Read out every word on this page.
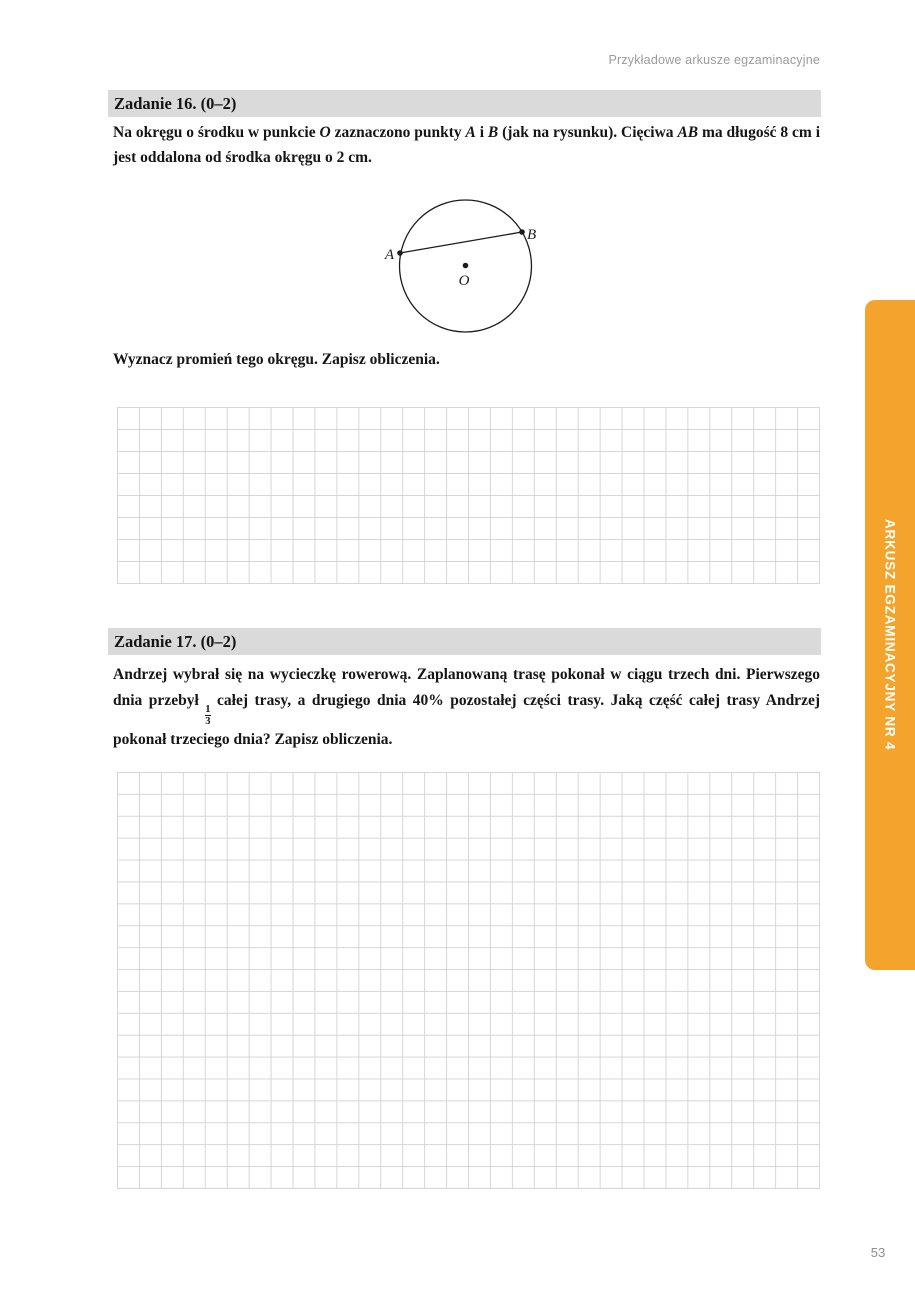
Przykładowe arkusze egzaminacyjne
Zadanie 16. (0–2)
Na okręgu o środku w punkcie O zaznaczono punkty A i B (jak na rysunku). Cięciwa AB ma długość 8 cm i jest oddalona od środka okręgu o 2 cm.
A
B
O
Wyznacz promień tego okręgu. Zapisz obliczenia.
Zadanie 17. (0–2)
Andrzej wybrał się na wycieczkę rowerową. Zaplanowaną trasę pokonał w ciągu trzech dni. Pierwszego dnia przebył
$\frac{1}{3}$
całej trasy, a drugiego dnia 40% pozostałej części trasy. Jaką część całej trasy Andrzej pokonał trzeciego dnia? Zapisz obliczenia.	ARKUSZ EGZAMINACYJNY NR 4
53
